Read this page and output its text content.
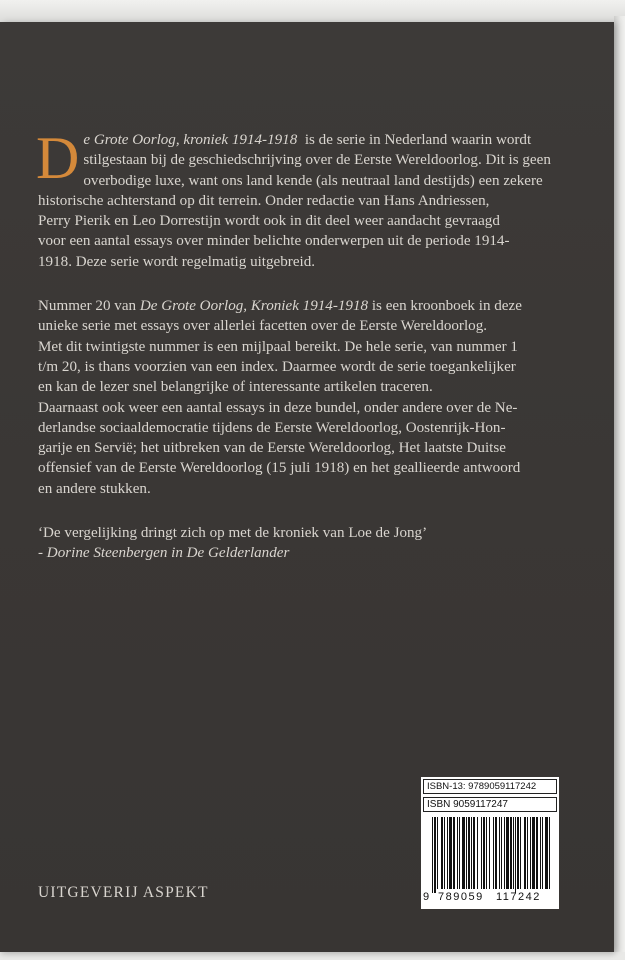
D e Grote Oorlog, kroniek 1914-1918 is de serie in Nederland waarin wordt

stilgestaan bij de geschiedschrijving over de Eerste Wereldoorlog. Dit is geen

overbodige luxe, want ons land kende (als neutraal land destijds) een zekere

historische achterstand op dit terrein. Onder redactie van Hans Andriessen,

Perry Pierik en Leo Dorrestijn wordt ook in dit deel weer aandacht gevraagd

voor een aantal essays over minder belichte onderwerpen uit de periode 1914-

1918. Deze serie wordt regelmatig uitgebreid.

Nummer 20 van De Grote Oorlog, Kroniek 1914-1918 is een kroonboek in deze

unieke serie met essays over allerlei facetten over de Eerste Wereldoorlog.

Met dit twintigste nummer is een mijlpaal bereikt. De hele serie, van nummer 1

t/m 20, is thans voorzien van een index. Daarmee wordt de serie toegankelijker

en kan de lezer snel belangrijke of interessante artikelen traceren.

Daarnaast ook weer een aantal essays in deze bundel, onder andere over de Ne-

derlandse sociaaldemocratie tijdens de Eerste Wereldoorlog, Oostenrijk-Hon-

garije en Servië; het uitbreken van de Eerste Wereldoorlog, Het laatste Duitse

offensief van de Eerste Wereldoorlog (15 juli 1918) en het geallieerde antwoord

en andere stukken.

‘De vergelijking dringt zich op met de kroniek van Loe de Jong’

- Dorine Steenbergen in De Gelderlander

UITGEVERIJ ASPEKT
ISBN-13: 9789059117242
ISBN 9059117247
9 789059 117242
